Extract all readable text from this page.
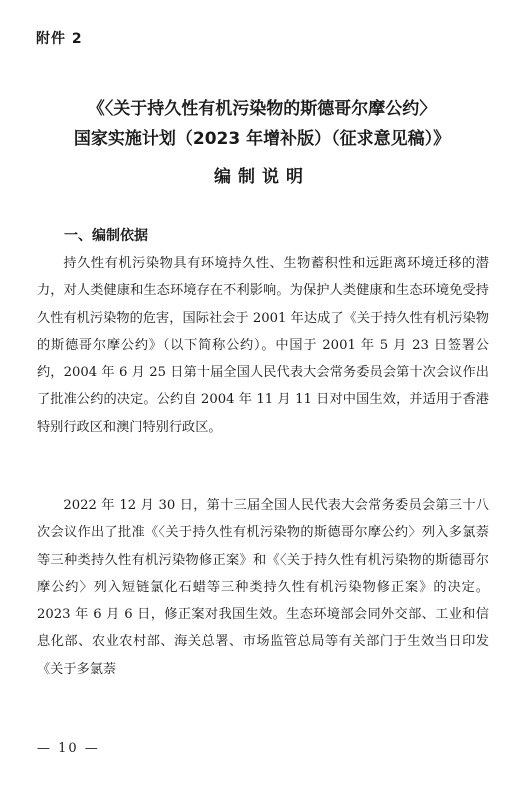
附件 2
《〈关于持久性有机污染物的斯德哥尔摩公约〉
国家实施计划（2023 年增补版）（征求意见稿）》
编制说明
一、编制依据

持久性有机污染物具有环境持久性、生物蓄积性和远距离环境迁移的潜力，对人类健康和生态环境存在不利影响。为保护人类健康和生态环境免受持久性有机污染物的危害，国际社会于 2001 年达成了《关于持久性有机污染物的斯德哥尔摩公约》（以下简称公约）。中国于 2001 年 5 月 23 日签署公约，2004 年 6 月 25 日第十届全国人民代表大会常务委员会第十次会议作出了批准公约的决定。公约自 2004 年 11 月 11 日对中国生效，并适用于香港特别行政区和澳门特别行政区。

2022 年 12 月 30 日，第十三届全国人民代表大会常务委员会第三十八次会议作出了批准《〈关于持久性有机污染物的斯德哥尔摩公约〉列入多氯萘等三种类持久性有机污染物修正案》和《〈关于持久性有机污染物的斯德哥尔摩公约〉列入短链氯化石蜡等三种类持久性有机污染物修正案》的决定。2023 年 6 月 6 日，修正案对我国生效。生态环境部会同外交部、工业和信息化部、农业农村部、海关总署、市场监管总局等有关部门于生效当日印发《关于多氯萘

— 10 —
